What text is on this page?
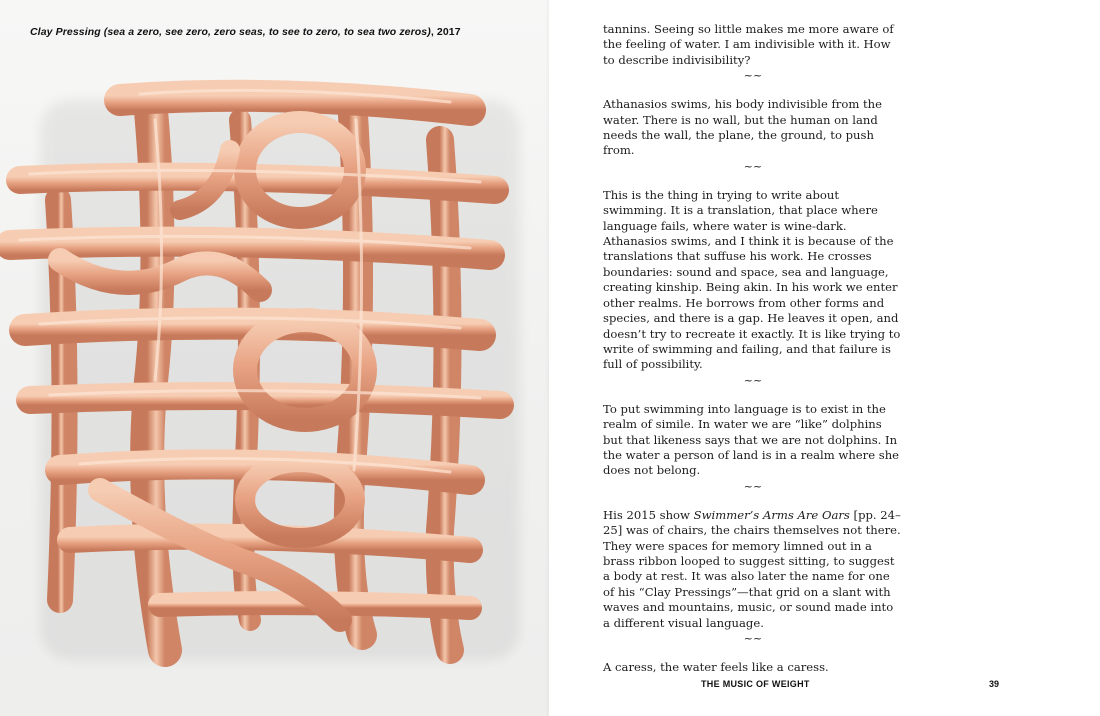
Clay Pressing (sea a zero, see zero, zero seas, to see to zero, to sea two zeros), 2017	tannins. Seeing so little makes me more aware of the feeling of water. I am indivisible with it. How to describe indivisibility?

~~

Athanasios swims, his body indivisible from the water. There is no wall, but the human on land needs the wall, the plane, the ground, to push from.

~~

This is the thing in trying to write about swimming. It is a translation, that place where language fails, where water is wine-dark. Athanasios swims, and I think it is because of the translations that suffuse his work. He crosses boundaries: sound and space, sea and language, creating kinship. Being akin. In his work we enter other realms. He borrows from other forms and species, and there is a gap. He leaves it open, and doesn’t try to recreate it exactly. It is like trying to write of swimming and failing, and that failure is full of possibility.

~~

To put swimming into language is to exist in the realm of simile. In water we are “like” dolphins but that likeness says that we are not dolphins. In the water a person of land is in a realm where she does not belong.

~~

His 2015 show Swimmer’s Arms Are Oars [pp. 24–25] was of chairs, the chairs themselves not there. They were spaces for memory limned out in a brass ribbon looped to suggest sitting, to suggest a body at rest. It was also later the name for one of his “Clay Pressings”—that grid on a slant with waves and mountains, music, or sound made into a different visual language.

~~

A caress, the water feels like a caress.

THE MUSIC OF WEIGHT	39
